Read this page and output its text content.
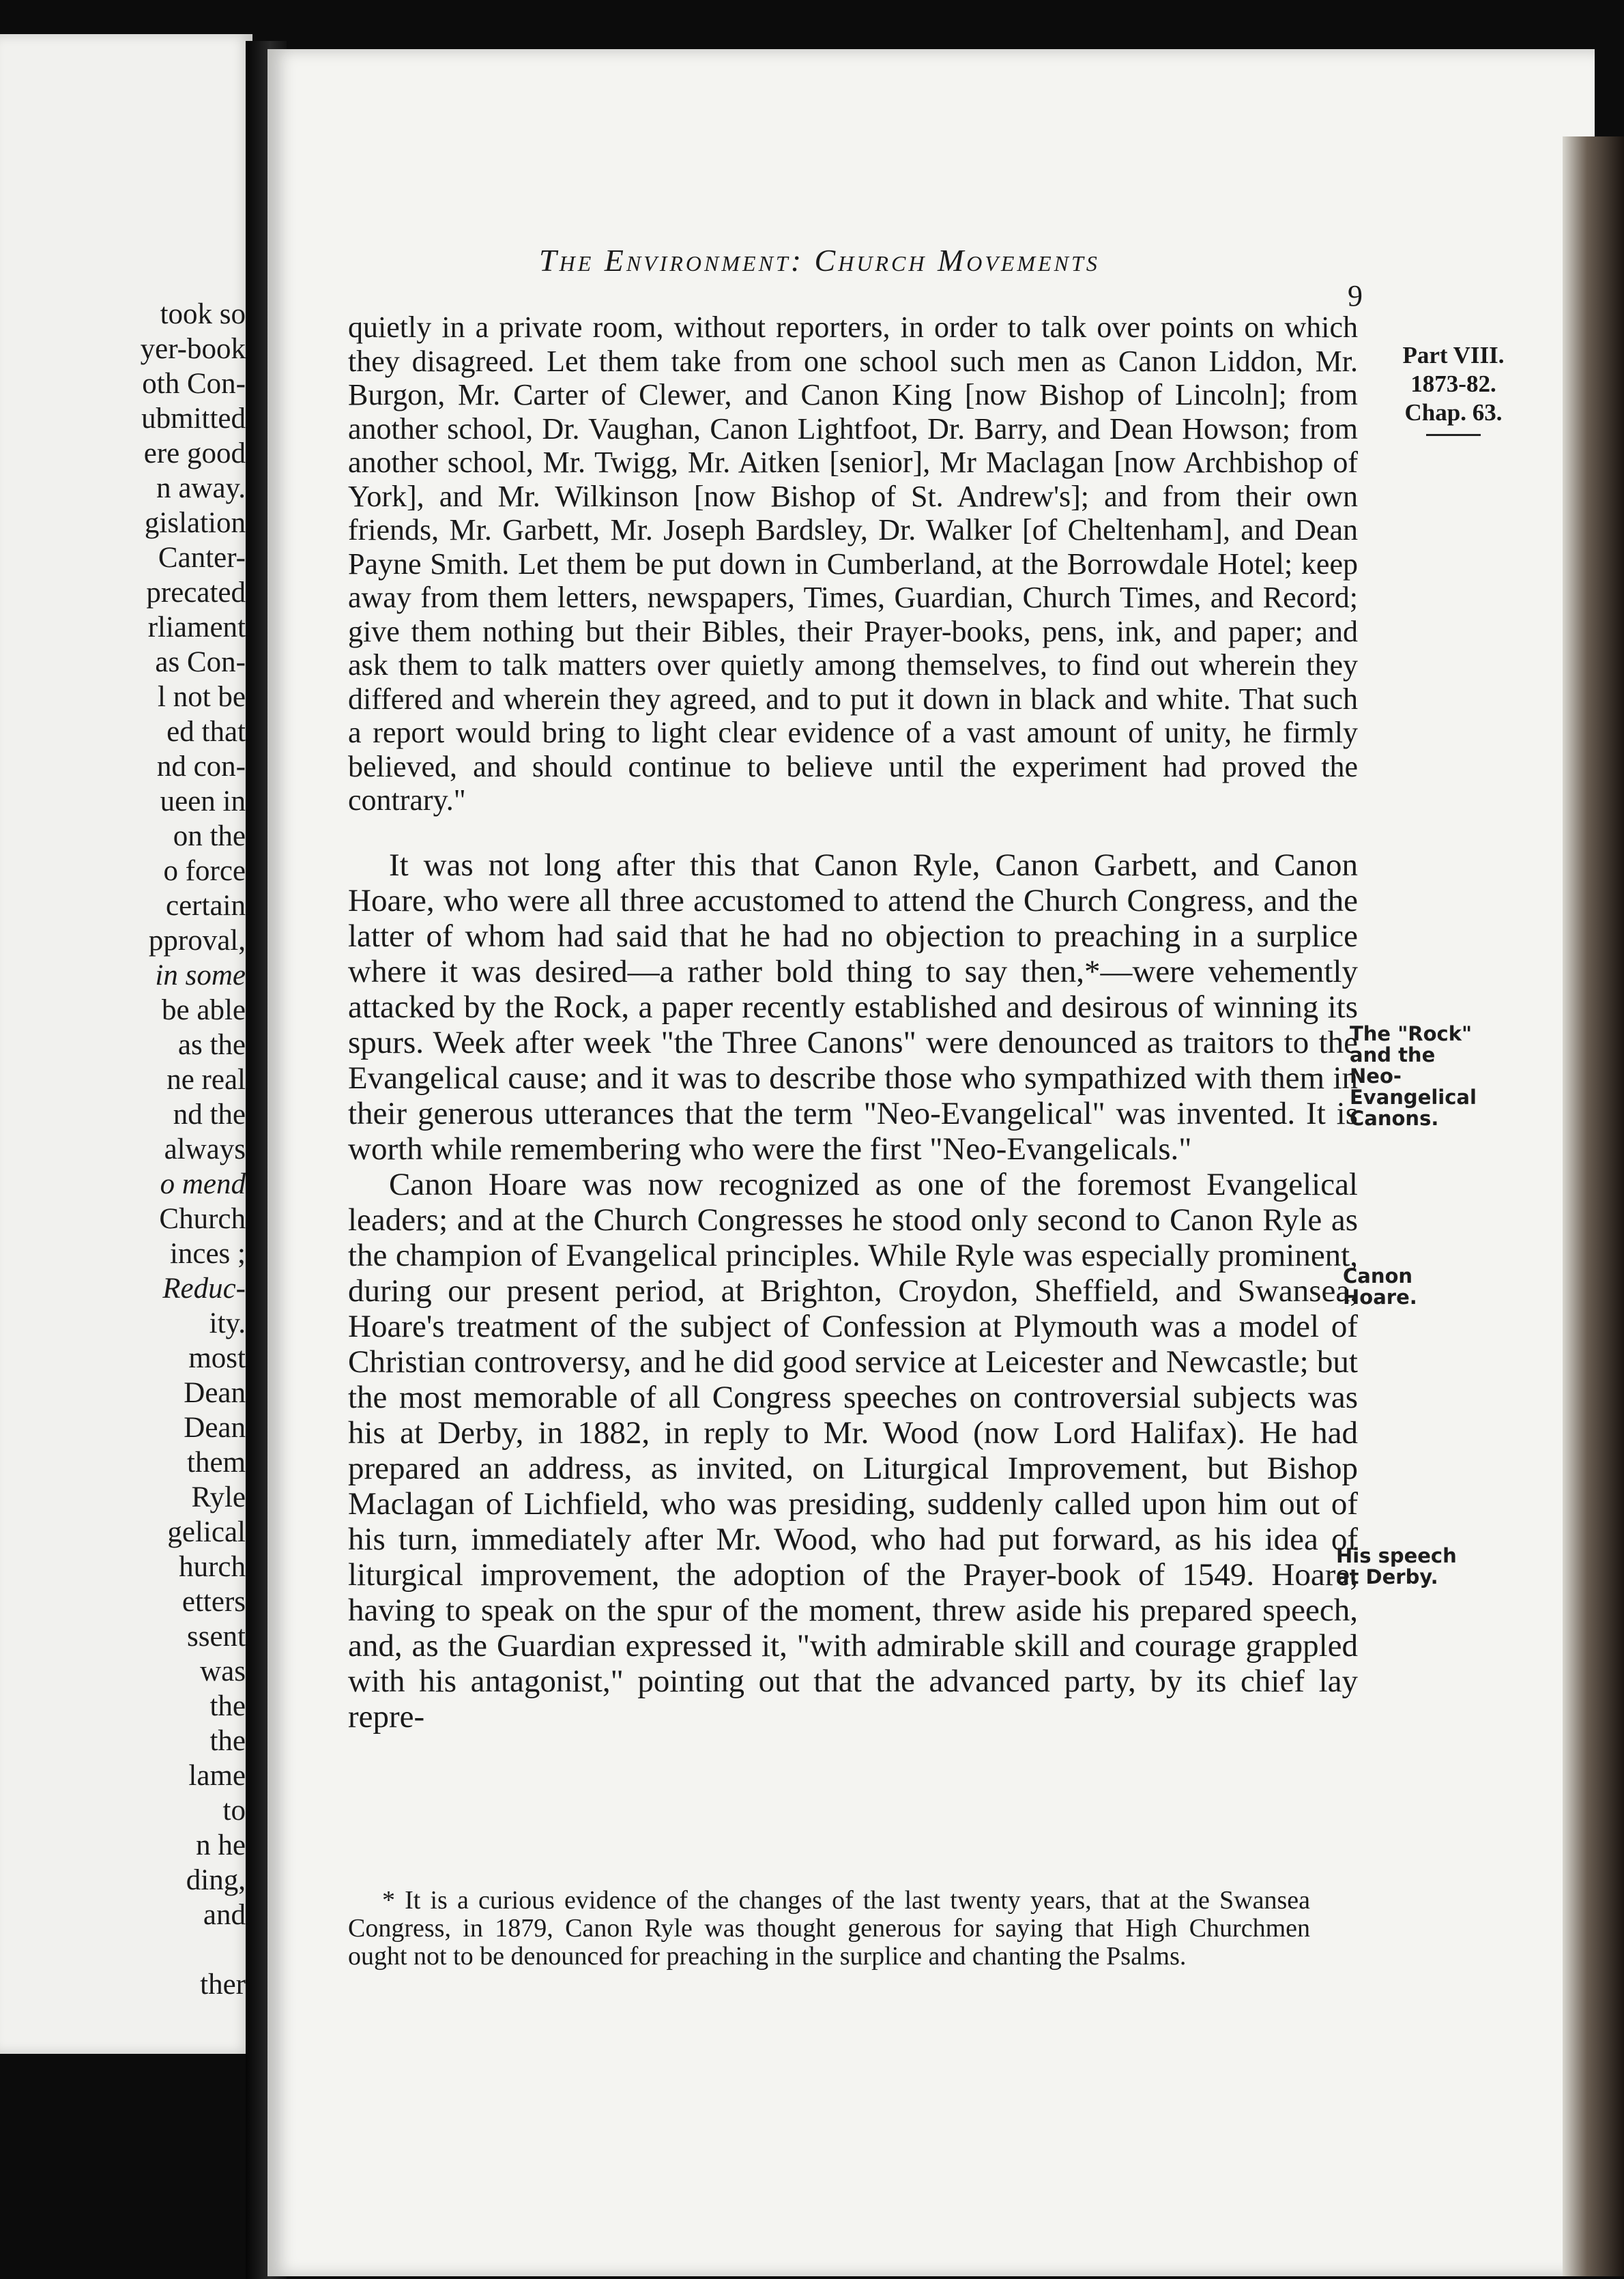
took so
yer-book
oth Con-
ubmitted
ere good
n away.
gislation
Canter-
precated
rliament
as Con-
l not be
ed that
nd con-
ueen in
on the
o force
certain
pproval,
in some
be able
as the
ne real
nd the
always
o mend
Church
inces ;
Reduc-
ity.
most
Dean
Dean
them
Ryle
gelical
hurch
etters
ssent
was
the
the
lame
to
n he
ding,
and
ther
The Environment: Church Movements
9
Part VIII.
1873-82.
Chap. 63.
The "Rock" and the Neo-Evangelical Canons.
Canon Hoare.
His speech at Derby.

quietly in a private room, without reporters, in order to talk over points on which they disagreed. Let them take from one school such men as Canon Liddon, Mr. Burgon, Mr. Carter of Clewer, and Canon King [now Bishop of Lincoln]; from another school, Dr. Vaughan, Canon Lightfoot, Dr. Barry, and Dean Howson; from another school, Mr. Twigg, Mr. Aitken [senior], Mr Maclagan [now Archbishop of York], and Mr. Wilkinson [now Bishop of St. Andrew's]; and from their own friends, Mr. Garbett, Mr. Joseph Bardsley, Dr. Walker [of Cheltenham], and Dean Payne Smith. Let them be put down in Cumberland, at the Borrowdale Hotel; keep away from them letters, newspapers, Times, Guardian, Church Times, and Record; give them nothing but their Bibles, their Prayer-books, pens, ink, and paper; and ask them to talk matters over quietly among themselves, to find out wherein they differed and wherein they agreed, and to put it down in black and white. That such a report would bring to light clear evidence of a vast amount of unity, he firmly believed, and should continue to believe until the experiment had proved the contrary."

It was not long after this that Canon Ryle, Canon Garbett, and Canon Hoare, who were all three accustomed to attend the Church Congress, and the latter of whom had said that he had no objection to preaching in a surplice where it was desired—a rather bold thing to say then,*—were vehemently attacked by the Rock, a paper recently established and desirous of winning its spurs. Week after week "the Three Canons" were denounced as traitors to the Evangelical cause; and it was to describe those who sympathized with them in their generous utterances that the term "Neo-Evangelical" was invented. It is worth while remembering who were the first "Neo-Evangelicals."

Canon Hoare was now recognized as one of the foremost Evangelical leaders; and at the Church Congresses he stood only second to Canon Ryle as the champion of Evangelical principles. While Ryle was especially prominent, during our present period, at Brighton, Croydon, Sheffield, and Swansea, Hoare's treatment of the subject of Confession at Plymouth was a model of Christian controversy, and he did good service at Leicester and Newcastle; but the most memorable of all Congress speeches on controversial subjects was his at Derby, in 1882, in reply to Mr. Wood (now Lord Halifax). He had prepared an address, as invited, on Liturgical Improvement, but Bishop Maclagan of Lichfield, who was presiding, suddenly called upon him out of his turn, immediately after Mr. Wood, who had put forward, as his idea of liturgical improvement, the adoption of the Prayer-book of 1549. Hoare, having to speak on the spur of the moment, threw aside his prepared speech, and, as the Guardian expressed it, "with admirable skill and courage grappled with his antagonist," pointing out that the advanced party, by its chief lay repre-

* It is a curious evidence of the changes of the last twenty years, that at the Swansea Congress, in 1879, Canon Ryle was thought generous for saying that High Churchmen ought not to be denounced for preaching in the surplice and chanting the Psalms.
